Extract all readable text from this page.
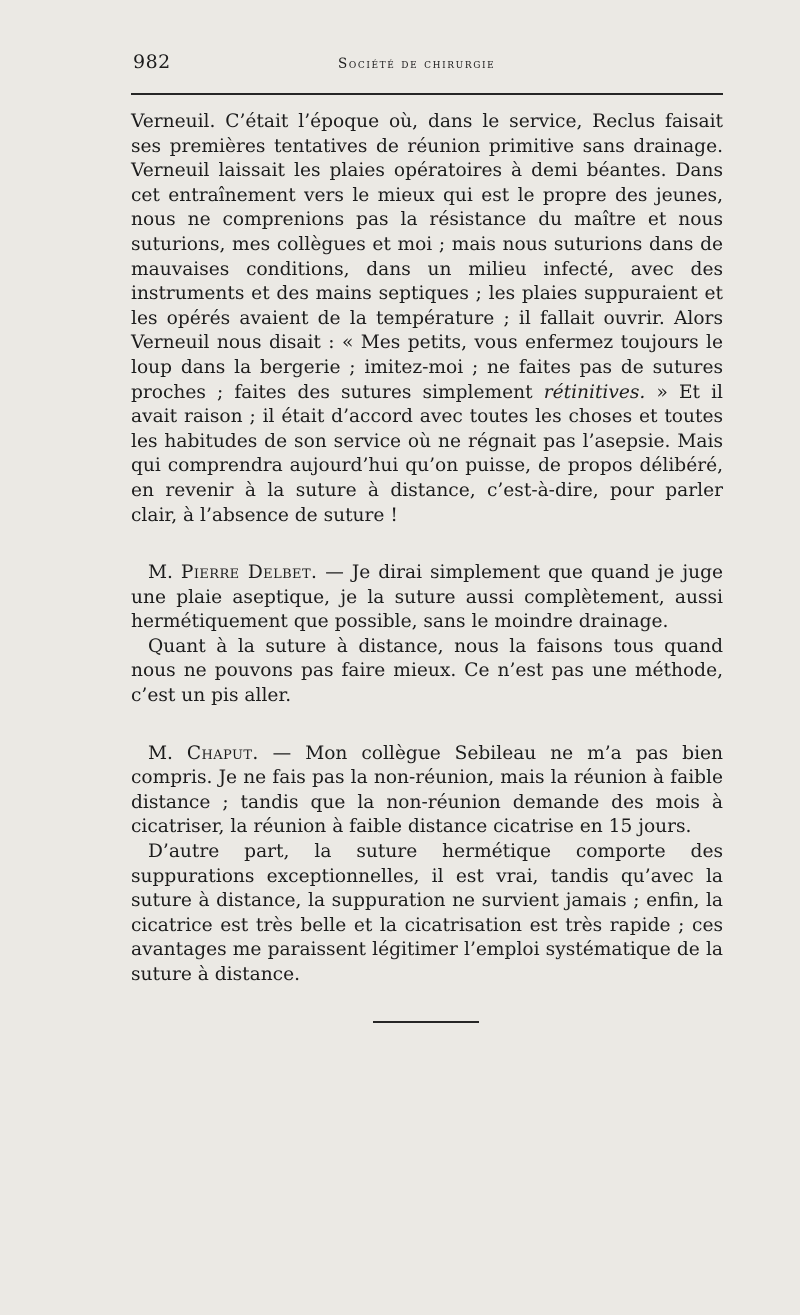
982	Société de chirurgie

Verneuil. C’était l’époque où, dans le service, Reclus faisait ses premières tentatives de réunion primitive sans drainage. Verneuil laissait les plaies opératoires à demi béantes. Dans cet entraînement vers le mieux qui est le propre des jeunes, nous ne comprenions pas la résistance du maître et nous suturions, mes collègues et moi ; mais nous suturions dans de mauvaises conditions, dans un milieu infecté, avec des instruments et des mains septiques ; les plaies suppuraient et les opérés avaient de la température ; il fallait ouvrir. Alors Verneuil nous disait : « Mes petits, vous enfermez toujours le loup dans la bergerie ; imitez-moi ; ne faites pas de sutures proches ; faites des sutures simplement rétinitives. » Et il avait raison ; il était d’accord avec toutes les choses et toutes les habitudes de son service où ne régnait pas l’asepsie. Mais qui comprendra aujourd’hui qu’on puisse, de propos délibéré, en revenir à la suture à distance, c’est-à-dire, pour parler clair, à l’absence de suture !

M. Pierre Delbet. — Je dirai simplement que quand je juge une plaie aseptique, je la suture aussi complètement, aussi hermétiquement que possible, sans le moindre drainage.

Quant à la suture à distance, nous la faisons tous quand nous ne pouvons pas faire mieux. Ce n’est pas une méthode, c’est un pis aller.

M. Chaput. — Mon collègue Sebileau ne m’a pas bien compris. Je ne fais pas la non-réunion, mais la réunion à faible distance ; tandis que la non-réunion demande des mois à cicatriser, la réunion à faible distance cicatrise en 15 jours.

D’autre part, la suture hermétique comporte des suppurations exceptionnelles, il est vrai, tandis qu’avec la suture à distance, la suppuration ne survient jamais ; enfin, la cicatrice est très belle et la cicatrisation est très rapide ; ces avantages me paraissent légitimer l’emploi systématique de la suture à distance.
